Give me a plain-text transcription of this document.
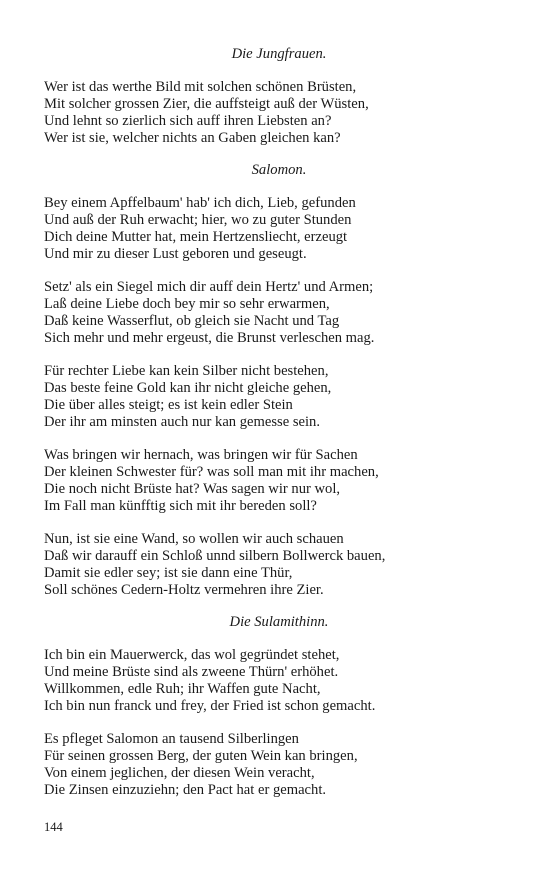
Die Jungfrauen.
Wer ist das werthe Bild mit solchen schönen Brüsten,
Mit solcher grossen Zier, die auffsteigt auß der Wüsten,
Und lehnt so zierlich sich auff ihren Liebsten an?
Wer ist sie, welcher nichts an Gaben gleichen kan?
Salomon.
Bey einem Apffelbaum' hab' ich dich, Lieb, gefunden
Und auß der Ruh erwacht; hier, wo zu guter Stunden
Dich deine Mutter hat, mein Hertzensliecht, erzeugt
Und mir zu dieser Lust geboren und geseugt.
Setz' als ein Siegel mich dir auff dein Hertz' und Armen;
Laß deine Liebe doch bey mir so sehr erwarmen,
Daß keine Wasserflut, ob gleich sie Nacht und Tag
Sich mehr und mehr ergeust, die Brunst verleschen mag.
Für rechter Liebe kan kein Silber nicht bestehen,
Das beste feine Gold kan ihr nicht gleiche gehen,
Die über alles steigt; es ist kein edler Stein
Der ihr am minsten auch nur kan gemesse sein.
Was bringen wir hernach, was bringen wir für Sachen
Der kleinen Schwester für? was soll man mit ihr machen,
Die noch nicht Brüste hat? Was sagen wir nur wol,
Im Fall man künfftig sich mit ihr bereden soll?
Nun, ist sie eine Wand, so wollen wir auch schauen
Daß wir darauff ein Schloß unnd silbern Bollwerck bauen,
Damit sie edler sey; ist sie dann eine Thür,
Soll schönes Cedern-Holtz vermehren ihre Zier.
Die Sulamithinn.
Ich bin ein Mauerwerck, das wol gegründet stehet,
Und meine Brüste sind als zweene Thürn' erhöhet.
Willkommen, edle Ruh; ihr Waffen gute Nacht,
Ich bin nun franck und frey, der Fried ist schon gemacht.
Es pfleget Salomon an tausend Silberlingen
Für seinen grossen Berg, der guten Wein kan bringen,
Von einem jeglichen, der diesen Wein veracht,
Die Zinsen einzuziehn; den Pact hat er gemacht.
144
